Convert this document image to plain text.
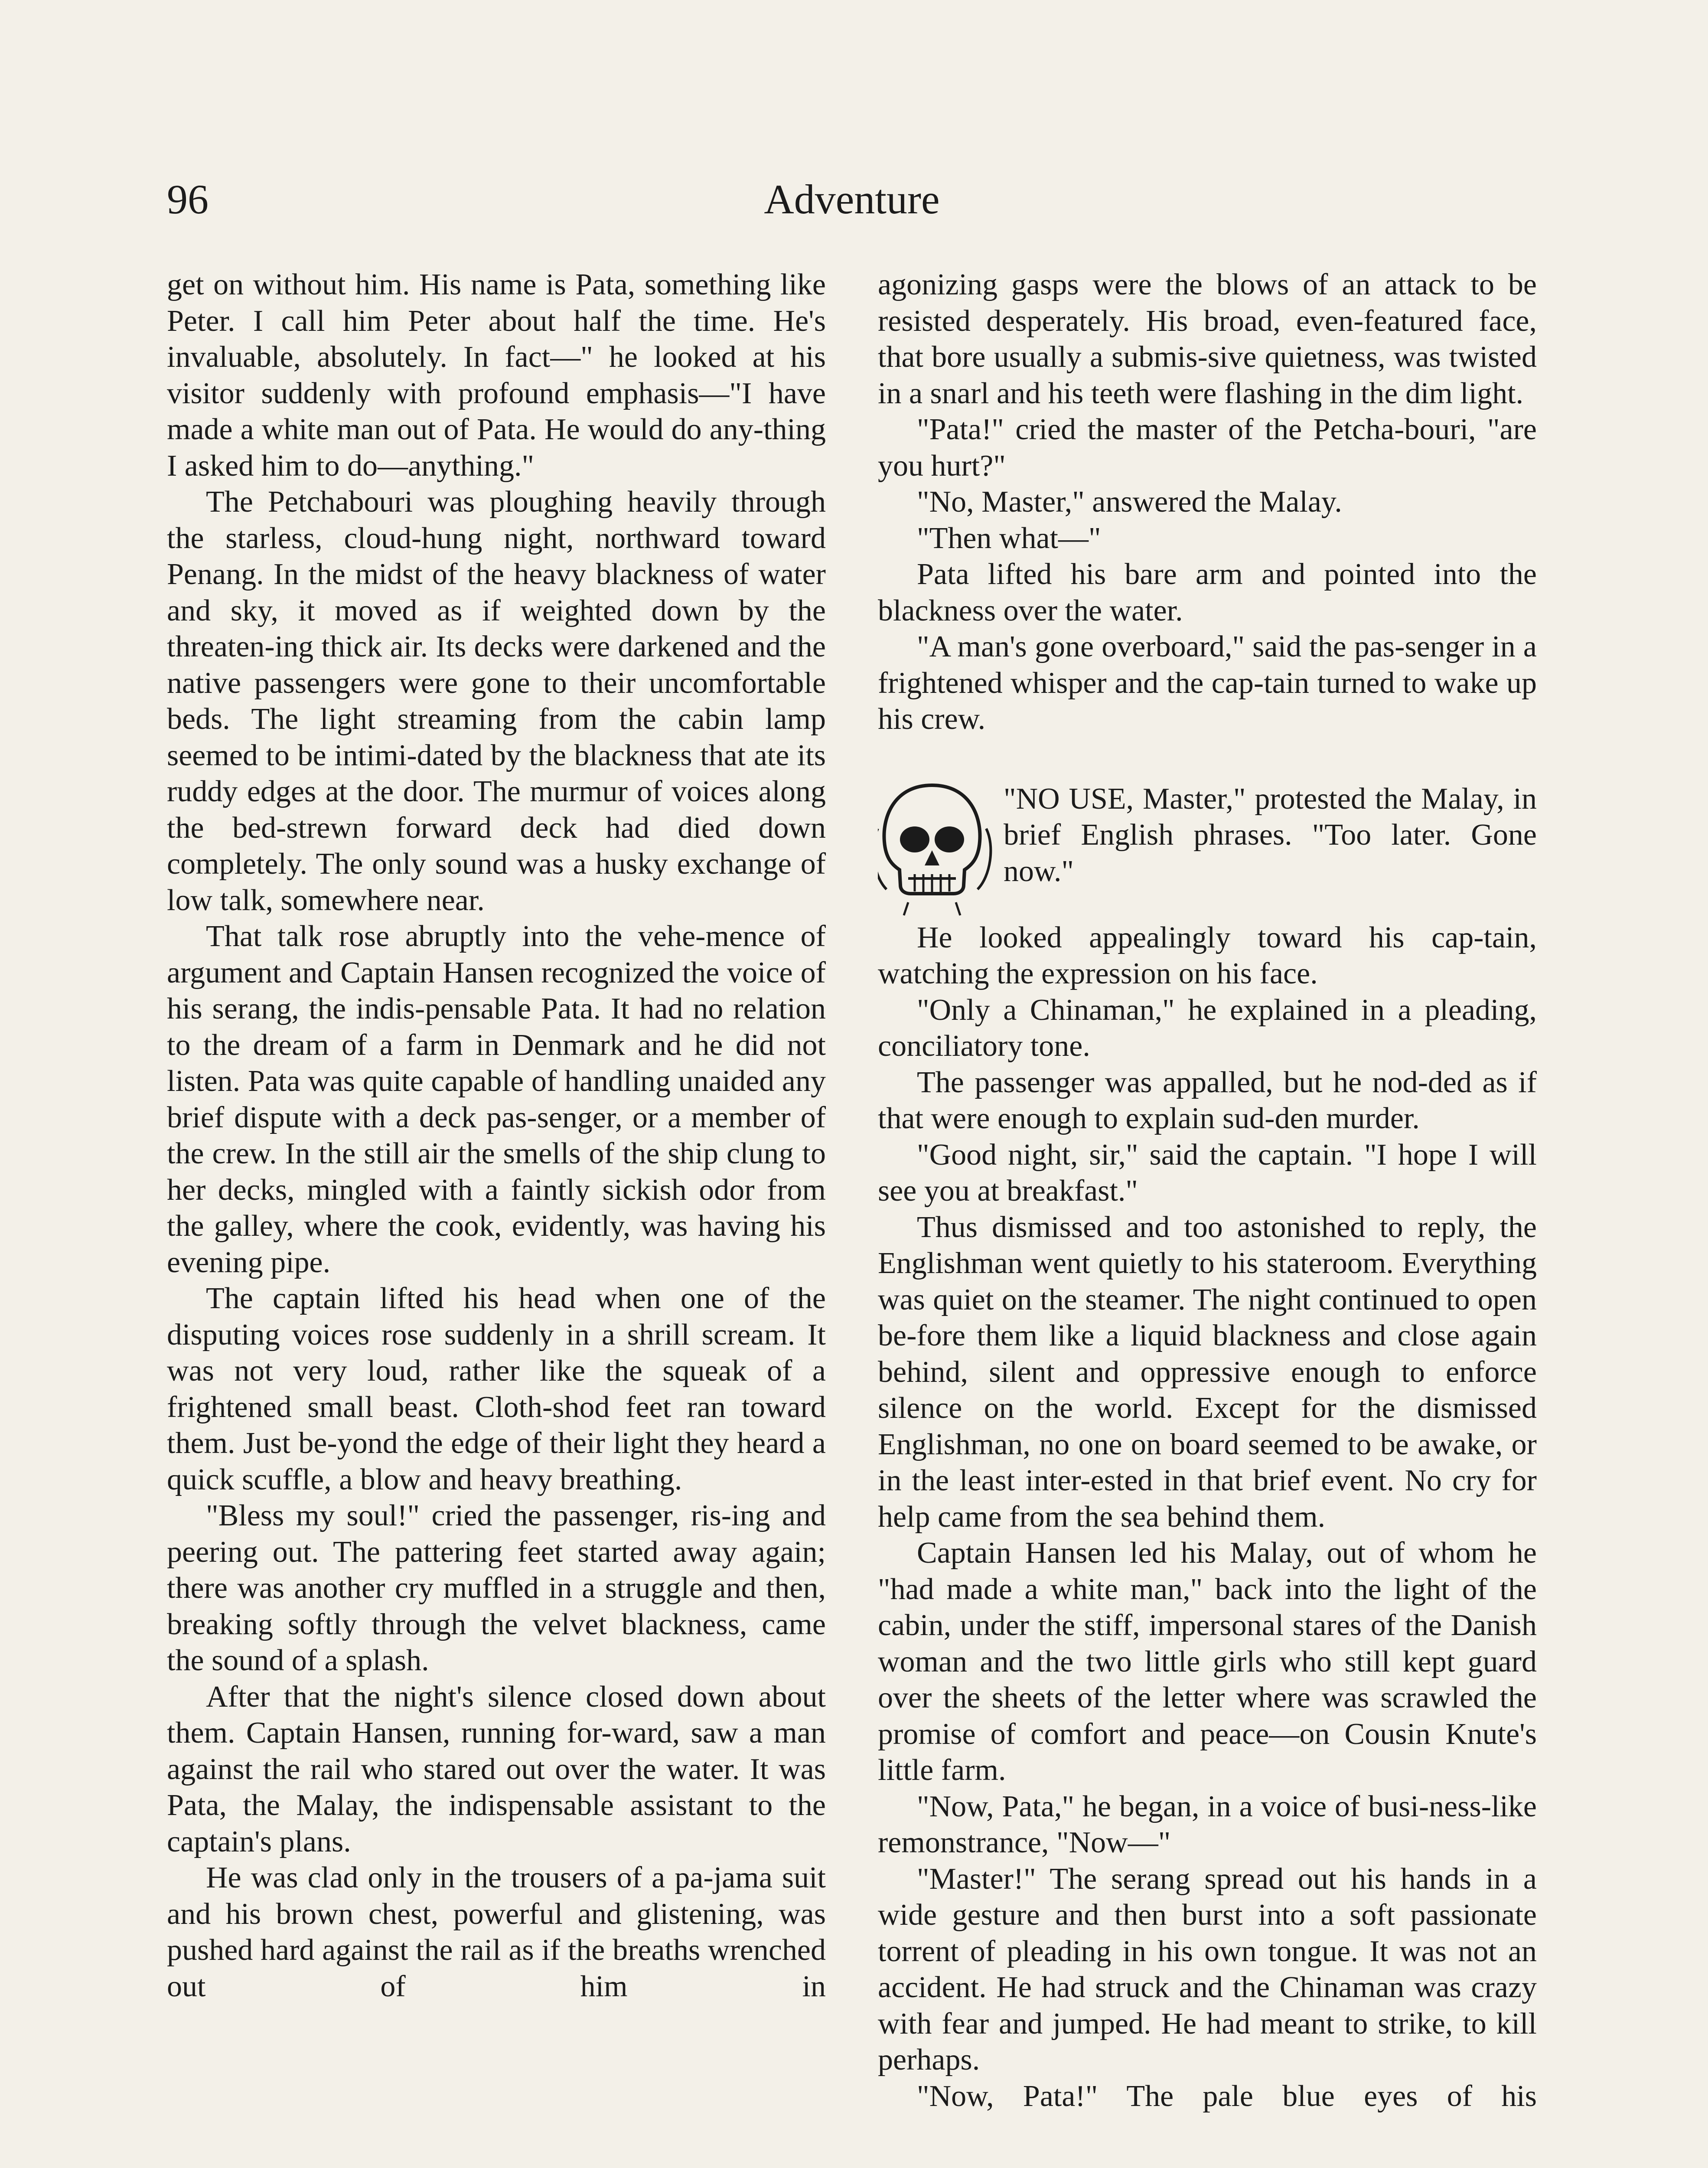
96	Adventure

get on without him. His name is Pata, something like Peter. I call him Peter about half the time. He's invaluable, absolutely. In fact—" he looked at his visitor suddenly with profound emphasis—"I have made a white man out of Pata. He would do any-thing I asked him to do—anything."

The Petchabouri was ploughing heavily through the starless, cloud-hung night, northward toward Penang. In the midst of the heavy blackness of water and sky, it moved as if weighted down by the threaten-ing thick air. Its decks were darkened and the native passengers were gone to their uncomfortable beds. The light streaming from the cabin lamp seemed to be intimi-dated by the blackness that ate its ruddy edges at the door. The murmur of voices along the bed-strewn forward deck had died down completely. The only sound was a husky exchange of low talk, somewhere near.

That talk rose abruptly into the vehe-mence of argument and Captain Hansen recognized the voice of his serang, the indis-pensable Pata. It had no relation to the dream of a farm in Denmark and he did not listen. Pata was quite capable of handling unaided any brief dispute with a deck pas-senger, or a member of the crew. In the still air the smells of the ship clung to her decks, mingled with a faintly sickish odor from the galley, where the cook, evidently, was having his evening pipe.

The captain lifted his head when one of the disputing voices rose suddenly in a shrill scream. It was not very loud, rather like the squeak of a frightened small beast. Cloth-shod feet ran toward them. Just be-yond the edge of their light they heard a quick scuffle, a blow and heavy breathing.

"Bless my soul!" cried the passenger, ris-ing and peering out. The pattering feet started away again; there was another cry muffled in a struggle and then, breaking softly through the velvet blackness, came the sound of a splash.

After that the night's silence closed down about them. Captain Hansen, running for-ward, saw a man against the rail who stared out over the water. It was Pata, the Malay, the indispensable assistant to the captain's plans.

He was clad only in the trousers of a pa-jama suit and his brown chest, powerful and glistening, was pushed hard against the rail as if the breaths wrenched out of him in

agonizing gasps were the blows of an attack to be resisted desperately. His broad, even-featured face, that bore usually a submis-sive quietness, was twisted in a snarl and his teeth were flashing in the dim light.

"Pata!" cried the master of the Petcha-bouri, "are you hurt?"

"No, Master," answered the Malay.

"Then what—"

Pata lifted his bare arm and pointed into the blackness over the water.

"A man's gone overboard," said the pas-senger in a frightened whisper and the cap-tain turned to wake up his crew.

"NO USE, Master," protested the Malay, in brief English phrases. "Too later. Gone now."

He looked appealingly toward his cap-tain, watching the expression on his face.

"Only a Chinaman," he explained in a pleading, conciliatory tone.

The passenger was appalled, but he nod-ded as if that were enough to explain sud-den murder.

"Good night, sir," said the captain. "I hope I will see you at breakfast."

Thus dismissed and too astonished to reply, the Englishman went quietly to his stateroom. Everything was quiet on the steamer. The night continued to open be-fore them like a liquid blackness and close again behind, silent and oppressive enough to enforce silence on the world. Except for the dismissed Englishman, no one on board seemed to be awake, or in the least inter-ested in that brief event. No cry for help came from the sea behind them.

Captain Hansen led his Malay, out of whom he "had made a white man," back into the light of the cabin, under the stiff, impersonal stares of the Danish woman and the two little girls who still kept guard over the sheets of the letter where was scrawled the promise of comfort and peace—on Cousin Knute's little farm.

"Now, Pata," he began, in a voice of busi-ness-like remonstrance, "Now—"

"Master!" The serang spread out his hands in a wide gesture and then burst into a soft passionate torrent of pleading in his own tongue. It was not an accident. He had struck and the Chinaman was crazy with fear and jumped. He had meant to strike, to kill perhaps.

"Now, Pata!" The pale blue eyes of his
